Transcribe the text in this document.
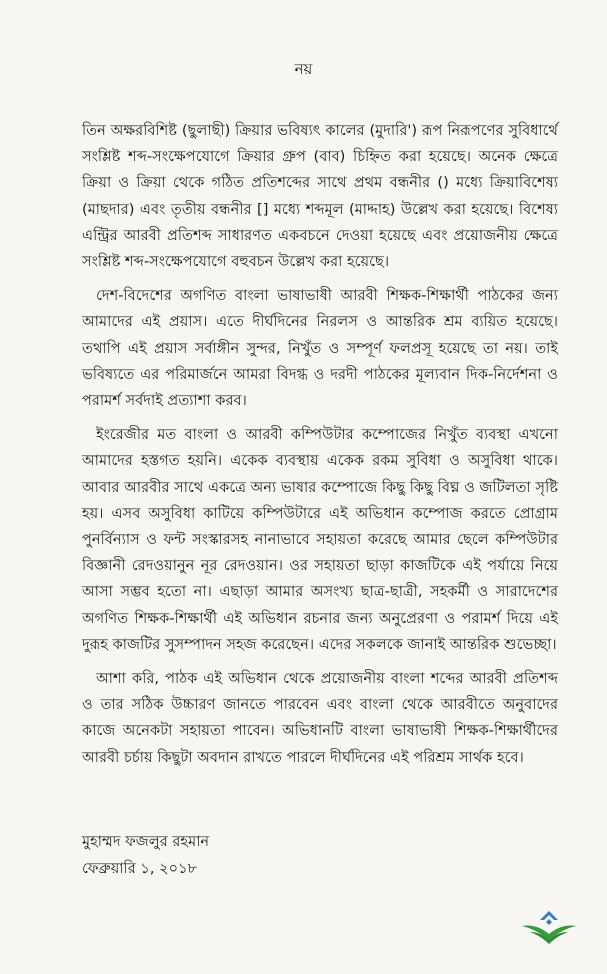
নয়

তিন অক্ষরবিশিষ্ট (ছুলাছী) ক্রিয়ার ভবিষ্যৎ কালের (মুদারি') রূপ নিরূপণের সুবিধার্থে সংশ্লিষ্ট শব্দ-সংক্ষেপযোগে ক্রিয়ার গ্রুপ (বাব) চিহ্নিত করা হয়েছে। অনেক ক্ষেত্রে ক্রিয়া ও ক্রিয়া থেকে গঠিত প্রতিশব্দের সাথে প্রথম বন্ধনীর () মধ্যে ক্রিয়াবিশেষ্য (মাছদার) এবং তৃতীয় বন্ধনীর [] মধ্যে শব্দমূল (মাদ্দাহ) উল্লেখ করা হয়েছে। বিশেষ্য এন্ট্রির আরবী প্রতিশব্দ সাধারণত একবচনে দেওয়া হয়েছে এবং প্রয়োজনীয় ক্ষেত্রে সংশ্লিষ্ট শব্দ-সংক্ষেপযোগে বহুবচন উল্লেখ করা হয়েছে।

দেশ-বিদেশের অগণিত বাংলা ভাষাভাষী আরবী শিক্ষক-শিক্ষার্থী পাঠকের জন্য আমাদের এই প্রয়াস। এতে দীর্ঘদিনের নিরলস ও আন্তরিক শ্রম ব্যয়িত হয়েছে। তথাপি এই প্রয়াস সর্বাঙ্গীন সুন্দর, নিখুঁত ও সম্পূর্ণ ফলপ্রসূ হয়েছে তা নয়। তাই ভবিষ্যতে এর পরিমার্জনে আমরা বিদগ্ধ ও দরদী পাঠকের মূল্যবান দিক-নির্দেশনা ও পরামর্শ সর্বদাই প্রত্যাশা করব।

ইংরেজীর মত বাংলা ও আরবী কম্পিউটার কম্পোজের নিখুঁত ব্যবস্থা এখনো আমাদের হস্তগত হয়নি। একেক ব্যবস্থায় একেক রকম সুবিধা ও অসুবিধা থাকে। আবার আরবীর সাথে একত্রে অন্য ভাষার কম্পোজে কিছু কিছু বিঘ্ন ও জটিলতা সৃষ্টি হয়। এসব অসুবিধা কাটিয়ে কম্পিউটারে এই অভিধান কম্পোজ করতে প্রোগ্রাম পুনর্বিন্যাস ও ফন্ট সংস্কারসহ নানাভাবে সহায়তা করেছে আমার ছেলে কম্পিউটার বিজ্ঞানী রেদওয়ানুন নূর রেদওয়ান। ওর সহায়তা ছাড়া কাজটিকে এই পর্যায়ে নিয়ে আসা সম্ভব হতো না। এছাড়া আমার অসংখ্য ছাত্র-ছাত্রী, সহকর্মী ও সারাদেশের অগণিত শিক্ষক-শিক্ষার্থী এই অভিধান রচনার জন্য অনুপ্রেরণা ও পরামর্শ দিয়ে এই দুরূহ কাজটির সুসম্পাদন সহজ করেছেন। এদের সকলকে জানাই আন্তরিক শুভেচ্ছা।

আশা করি, পাঠক এই অভিধান থেকে প্রয়োজনীয় বাংলা শব্দের আরবী প্রতিশব্দ ও তার সঠিক উচ্চারণ জানতে পারবেন এবং বাংলা থেকে আরবীতে অনুবাদের কাজে অনেকটা সহায়তা পাবেন। অভিধানটি বাংলা ভাষাভাষী শিক্ষক-শিক্ষার্থীদের আরবী চর্চায় কিছুটা অবদান রাখতে পারলে দীর্ঘদিনের এই পরিশ্রম সার্থক হবে।

মুহাম্মদ ফজলুর রহমান
ফেব্রুয়ারি ১, ২০১৮
